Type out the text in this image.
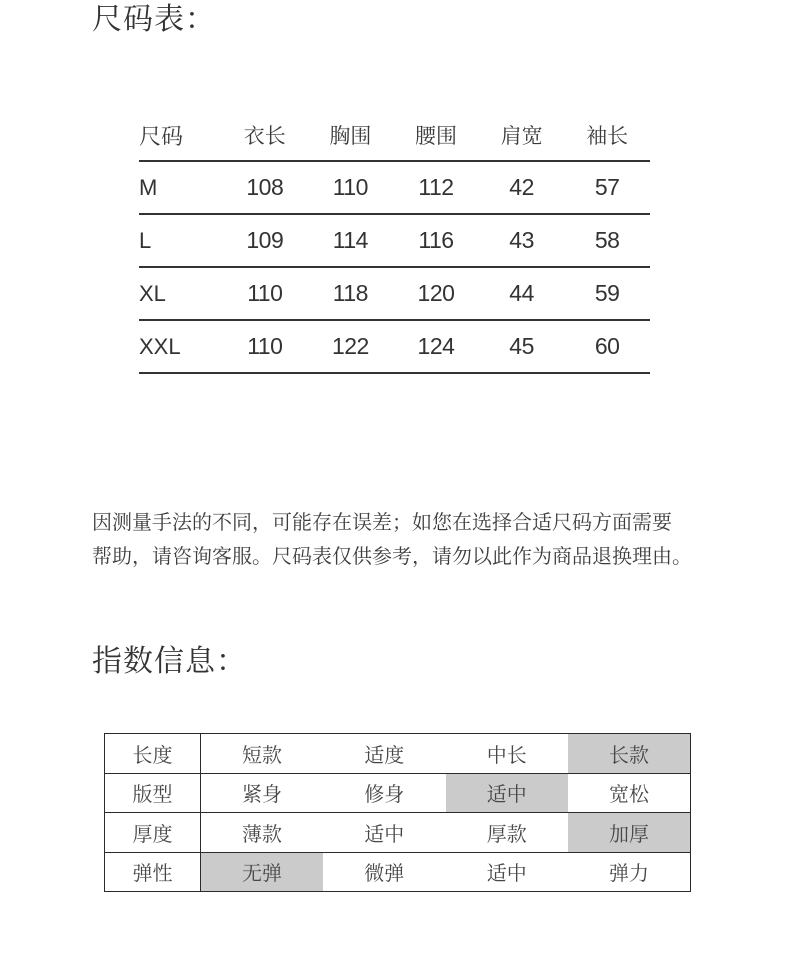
尺码表：
尺码	衣长	胸围	腰围	肩宽	袖长
M	108	110	112	42	57
L	109	114	116	43	58
XL	110	118	120	44	59
XXL	110	122	124	45	60
因测量手法的不同，可能存在误差；如您在选择合适尺码方面需要
帮助，请咨询客服。尺码表仅供参考，请勿以此作为商品退换理由。
指数信息：
长度	短款	适度	中长	长款
版型	紧身	修身	适中	宽松
厚度	薄款	适中	厚款	加厚
弹性	无弹	微弹	适中	弹力
